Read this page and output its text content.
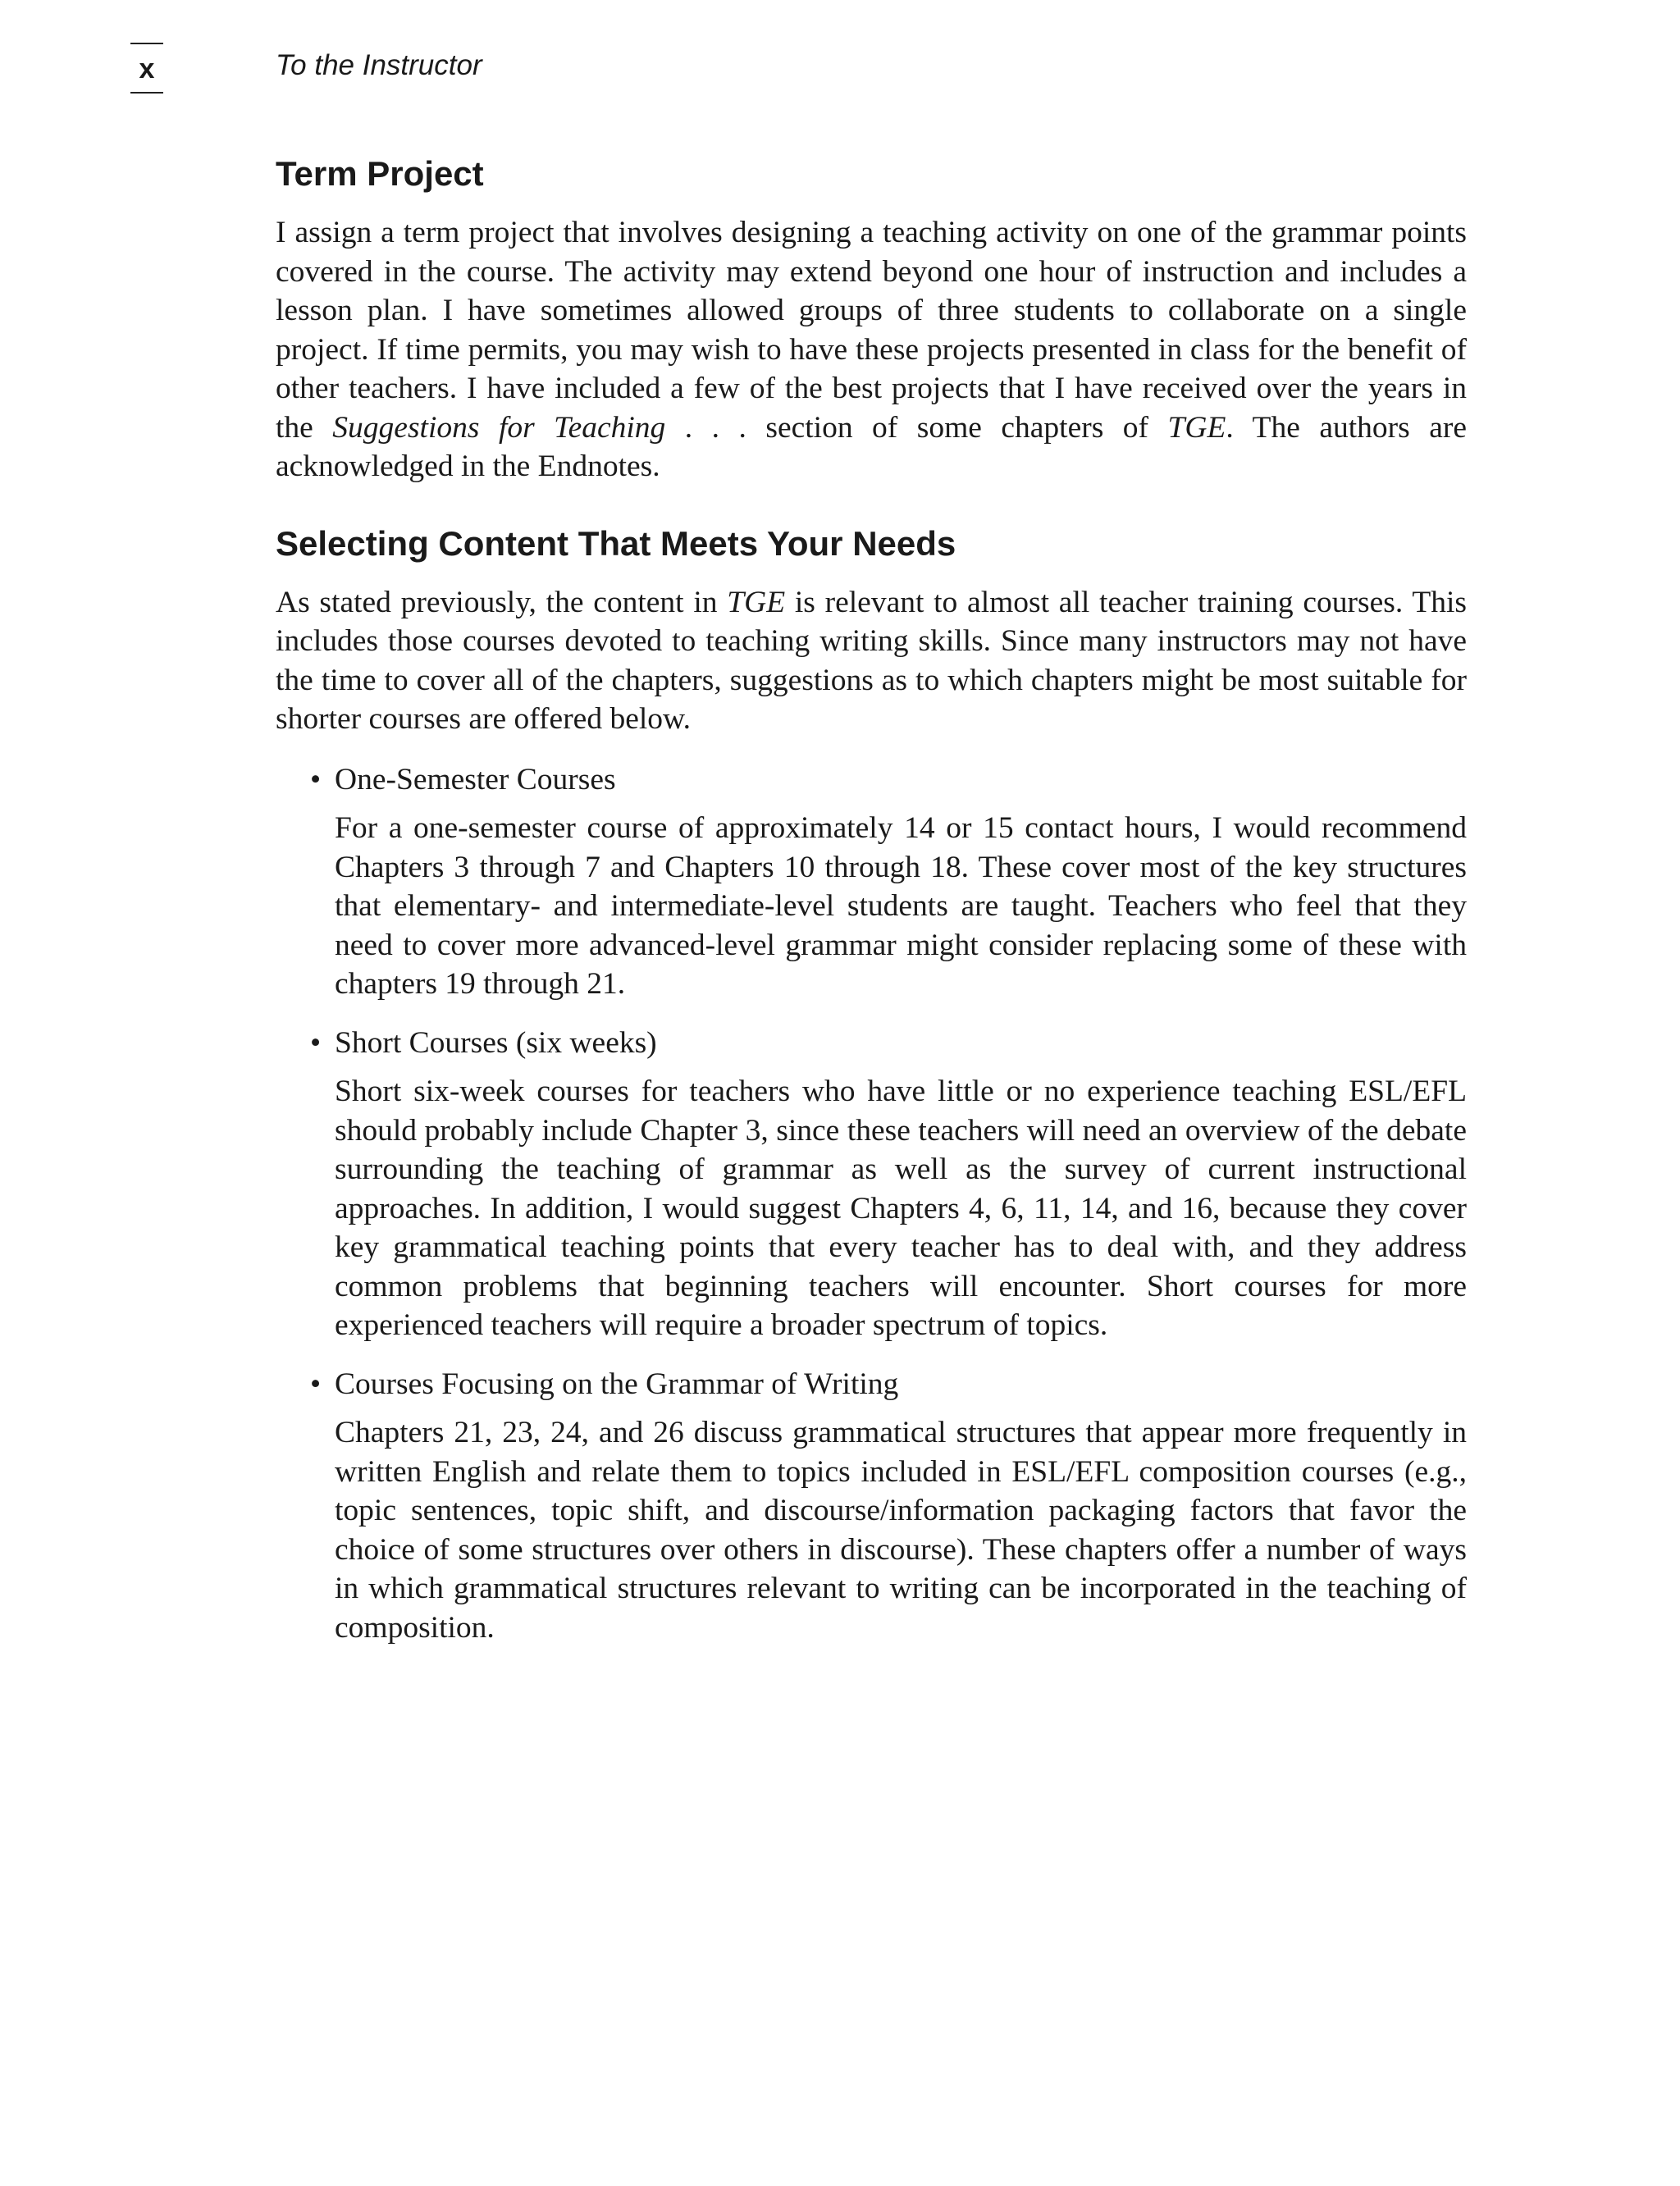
x	To the Instructor
Term Project

I assign a term project that involves designing a teaching activity on one of the grammar points covered in the course. The activity may extend beyond one hour of instruction and includes a lesson plan. I have sometimes allowed groups of three students to collaborate on a single project. If time permits, you may wish to have these projects presented in class for the benefit of other teachers. I have included a few of the best projects that I have received over the years in the Suggestions for Teaching . . . section of some chapters of TGE. The authors are acknowledged in the Endnotes.

Selecting Content That Meets Your Needs

As stated previously, the content in TGE is relevant to almost all teacher training courses. This includes those courses devoted to teaching writing skills. Since many instructors may not have the time to cover all of the chapters, suggestions as to which chapters might be most suitable for shorter courses are offered below.

• One-Semester Courses
For a one-semester course of approximately 14 or 15 contact hours, I would recommend Chapters 3 through 7 and Chapters 10 through 18. These cover most of the key structures that elementary- and intermediate-level students are taught. Teachers who feel that they need to cover more advanced-level grammar might consider replacing some of these with chapters 19 through 21.
• Short Courses (six weeks)
Short six-week courses for teachers who have little or no experience teaching ESL/EFL should probably include Chapter 3, since these teachers will need an overview of the debate surrounding the teaching of grammar as well as the survey of current instructional approaches. In addition, I would suggest Chapters 4, 6, 11, 14, and 16, because they cover key grammatical teaching points that every teacher has to deal with, and they address common problems that beginning teachers will encounter. Short courses for more experienced teachers will require a broader spectrum of topics.
• Courses Focusing on the Grammar of Writing
Chapters 21, 23, 24, and 26 discuss grammatical structures that appear more frequently in written English and relate them to topics included in ESL/EFL composition courses (e.g., topic sentences, topic shift, and discourse/information packaging factors that favor the choice of some structures over others in discourse). These chapters offer a number of ways in which grammatical structures relevant to writing can be incorporated in the teaching of composition.
